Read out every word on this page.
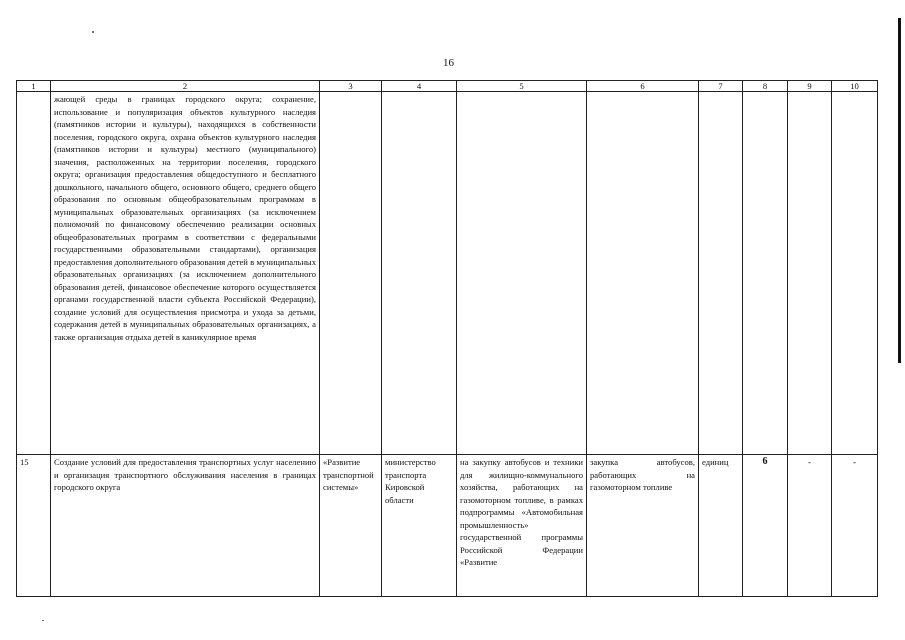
16
1	2	3	4	5	6	7	8	9	10
	жающей среды в границах городского округа; сохранение, использование и популяризация объектов культурного наследия (памятников истории и культуры), находящихся в собственности поселения, городского округа, охрана объектов культурного наследия (памятников истории и культуры) местного (муниципального) значения, расположенных на территории поселения, городского округа; организация предоставления общедоступного и бесплатного дошкольного, начального общего, основного общего, среднего общего образования по основным общеобразовательным программам в муниципальных образовательных организациях (за исключением полномочий по финансовому обеспечению реализации основных общеобразовательных программ в соответствии с федеральными государственными образовательными стандартами), организация предоставления дополнительного образования детей в муниципальных образовательных организациях (за исключением дополнительного образования детей, финансовое обеспечение которого осуществляется органами государственной власти субъекта Российской Федерации), создание условий для осуществления присмотра и ухода за детьми, содержания детей в муниципальных образовательных организациях, а также организация отдыха детей в каникулярное время								
15	Создание условий для предоставления транспортных услуг населению и организация транспортного обслуживания населения в границах городского округа	«Развитие транспортной системы»	министерство транспорта Кировской области	на закупку автобусов и техники для жилищно-коммунального хозяйства, работающих на газомоторном топливе, в рамках подпрограммы «Автомобильная промышленность» государственной программы Российской Федерации «Развитие	закупка автобусов, работающих на газомоторном топливе	единиц	6	-	-
